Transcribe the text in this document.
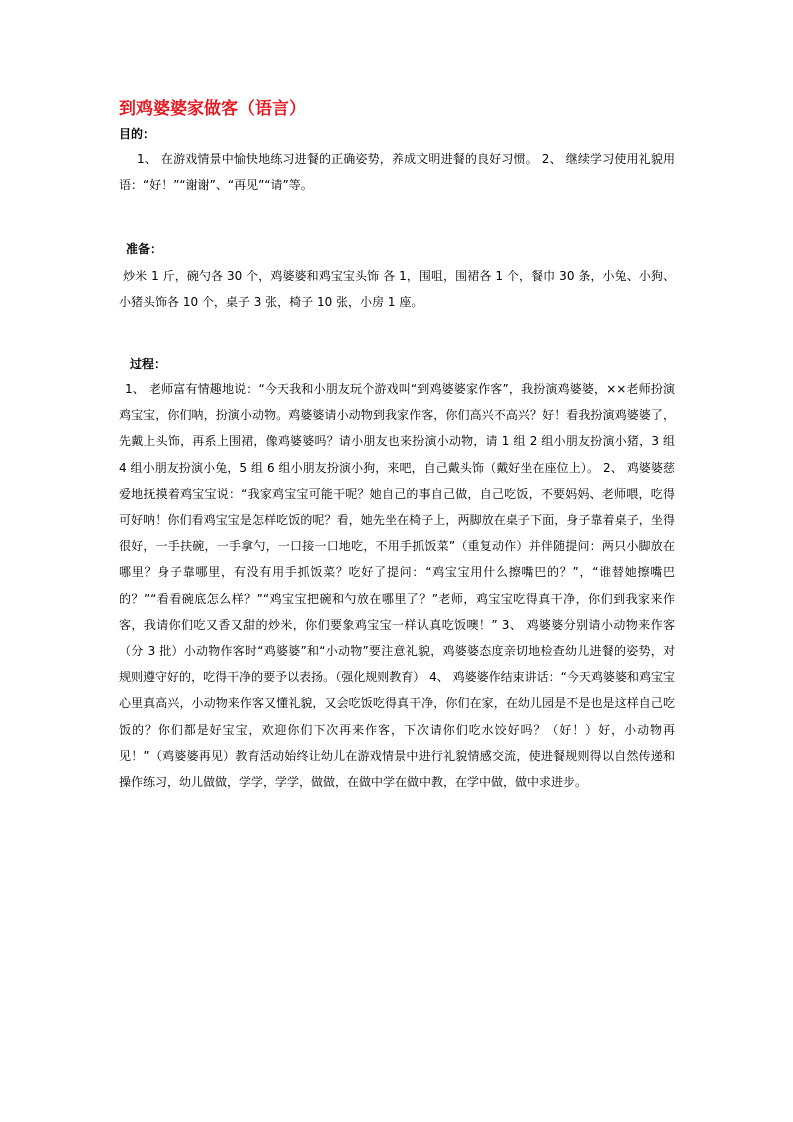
到鸡婆婆家做客（语言）
目的：
1、 在游戏情景中愉快地练习进餐的正确姿势，养成文明进餐的良好习惯。 2、 继续学习使用礼貌用语：“好！”“谢谢”、“再见”“请”等。
准备：
炒米 1 斤，碗勺各 30 个，鸡婆婆和鸡宝宝头饰 各 1，围咀，围裙各 1 个，餐巾 30 条，小兔、小狗、小猪头饰各 10 个，桌子 3 张，椅子 10 张，小房 1 座。
过程：
1、 老师富有情趣地说：“今天我和小朋友玩个游戏叫“到鸡婆婆家作客”，我扮演鸡婆婆，××老师扮演鸡宝宝，你们呐，扮演小动物。鸡婆婆请小动物到我家作客，你们高兴不高兴？好！看我扮演鸡婆婆了，先戴上头饰，再系上围裙，像鸡婆婆吗？请小朋友也来扮演小动物，请 1 组 2 组小朋友扮演小猪，3 组 4 组小朋友扮演小兔，5 组 6 组小朋友扮演小狗，来吧，自己戴头饰（戴好坐在座位上）。 2、 鸡婆婆慈爱地抚摸着鸡宝宝说：“我家鸡宝宝可能干呢？她自己的事自己做，自己吃饭，不要妈妈、老师喂，吃得可好呐！你们看鸡宝宝是怎样吃饭的呢？看，她先坐在椅子上，两脚放在桌子下面，身子靠着桌子，坐得很好，一手扶碗，一手拿勺，一口接一口地吃，不用手抓饭菜”（重复动作）并伴随提问：两只小脚放在哪里？身子靠哪里，有没有用手抓饭菜？吃好了提问：“鸡宝宝用什么擦嘴巴的？”，“谁替她擦嘴巴的？”“看看碗底怎么样？”“鸡宝宝把碗和勺放在哪里了？”老师，鸡宝宝吃得真干净，你们到我家来作客，我请你们吃又香又甜的炒米，你们要象鸡宝宝一样认真吃饭噢！” 3、 鸡婆婆分别请小动物来作客（分 3 批）小动物作客时“鸡婆婆”和“小动物”要注意礼貌，鸡婆婆态度亲切地检查幼儿进餐的姿势，对规则遵守好的，吃得干净的要予以表扬。（强化规则教育） 4、 鸡婆婆作结束讲话：“今天鸡婆婆和鸡宝宝心里真高兴，小动物来作客又懂礼貌，又会吃饭吃得真干净，你们在家，在幼儿园是不是也是这样自己吃饭的？你们都是好宝宝，欢迎你们下次再来作客，下次请你们吃水饺好吗？（好！）好，小动物再见！”（鸡婆婆再见）教育活动始终让幼儿在游戏情景中进行礼貌情感交流，使进餐规则得以自然传递和操作练习，幼儿做做，学学，学学，做做，在做中学在做中教，在学中做，做中求进步。
